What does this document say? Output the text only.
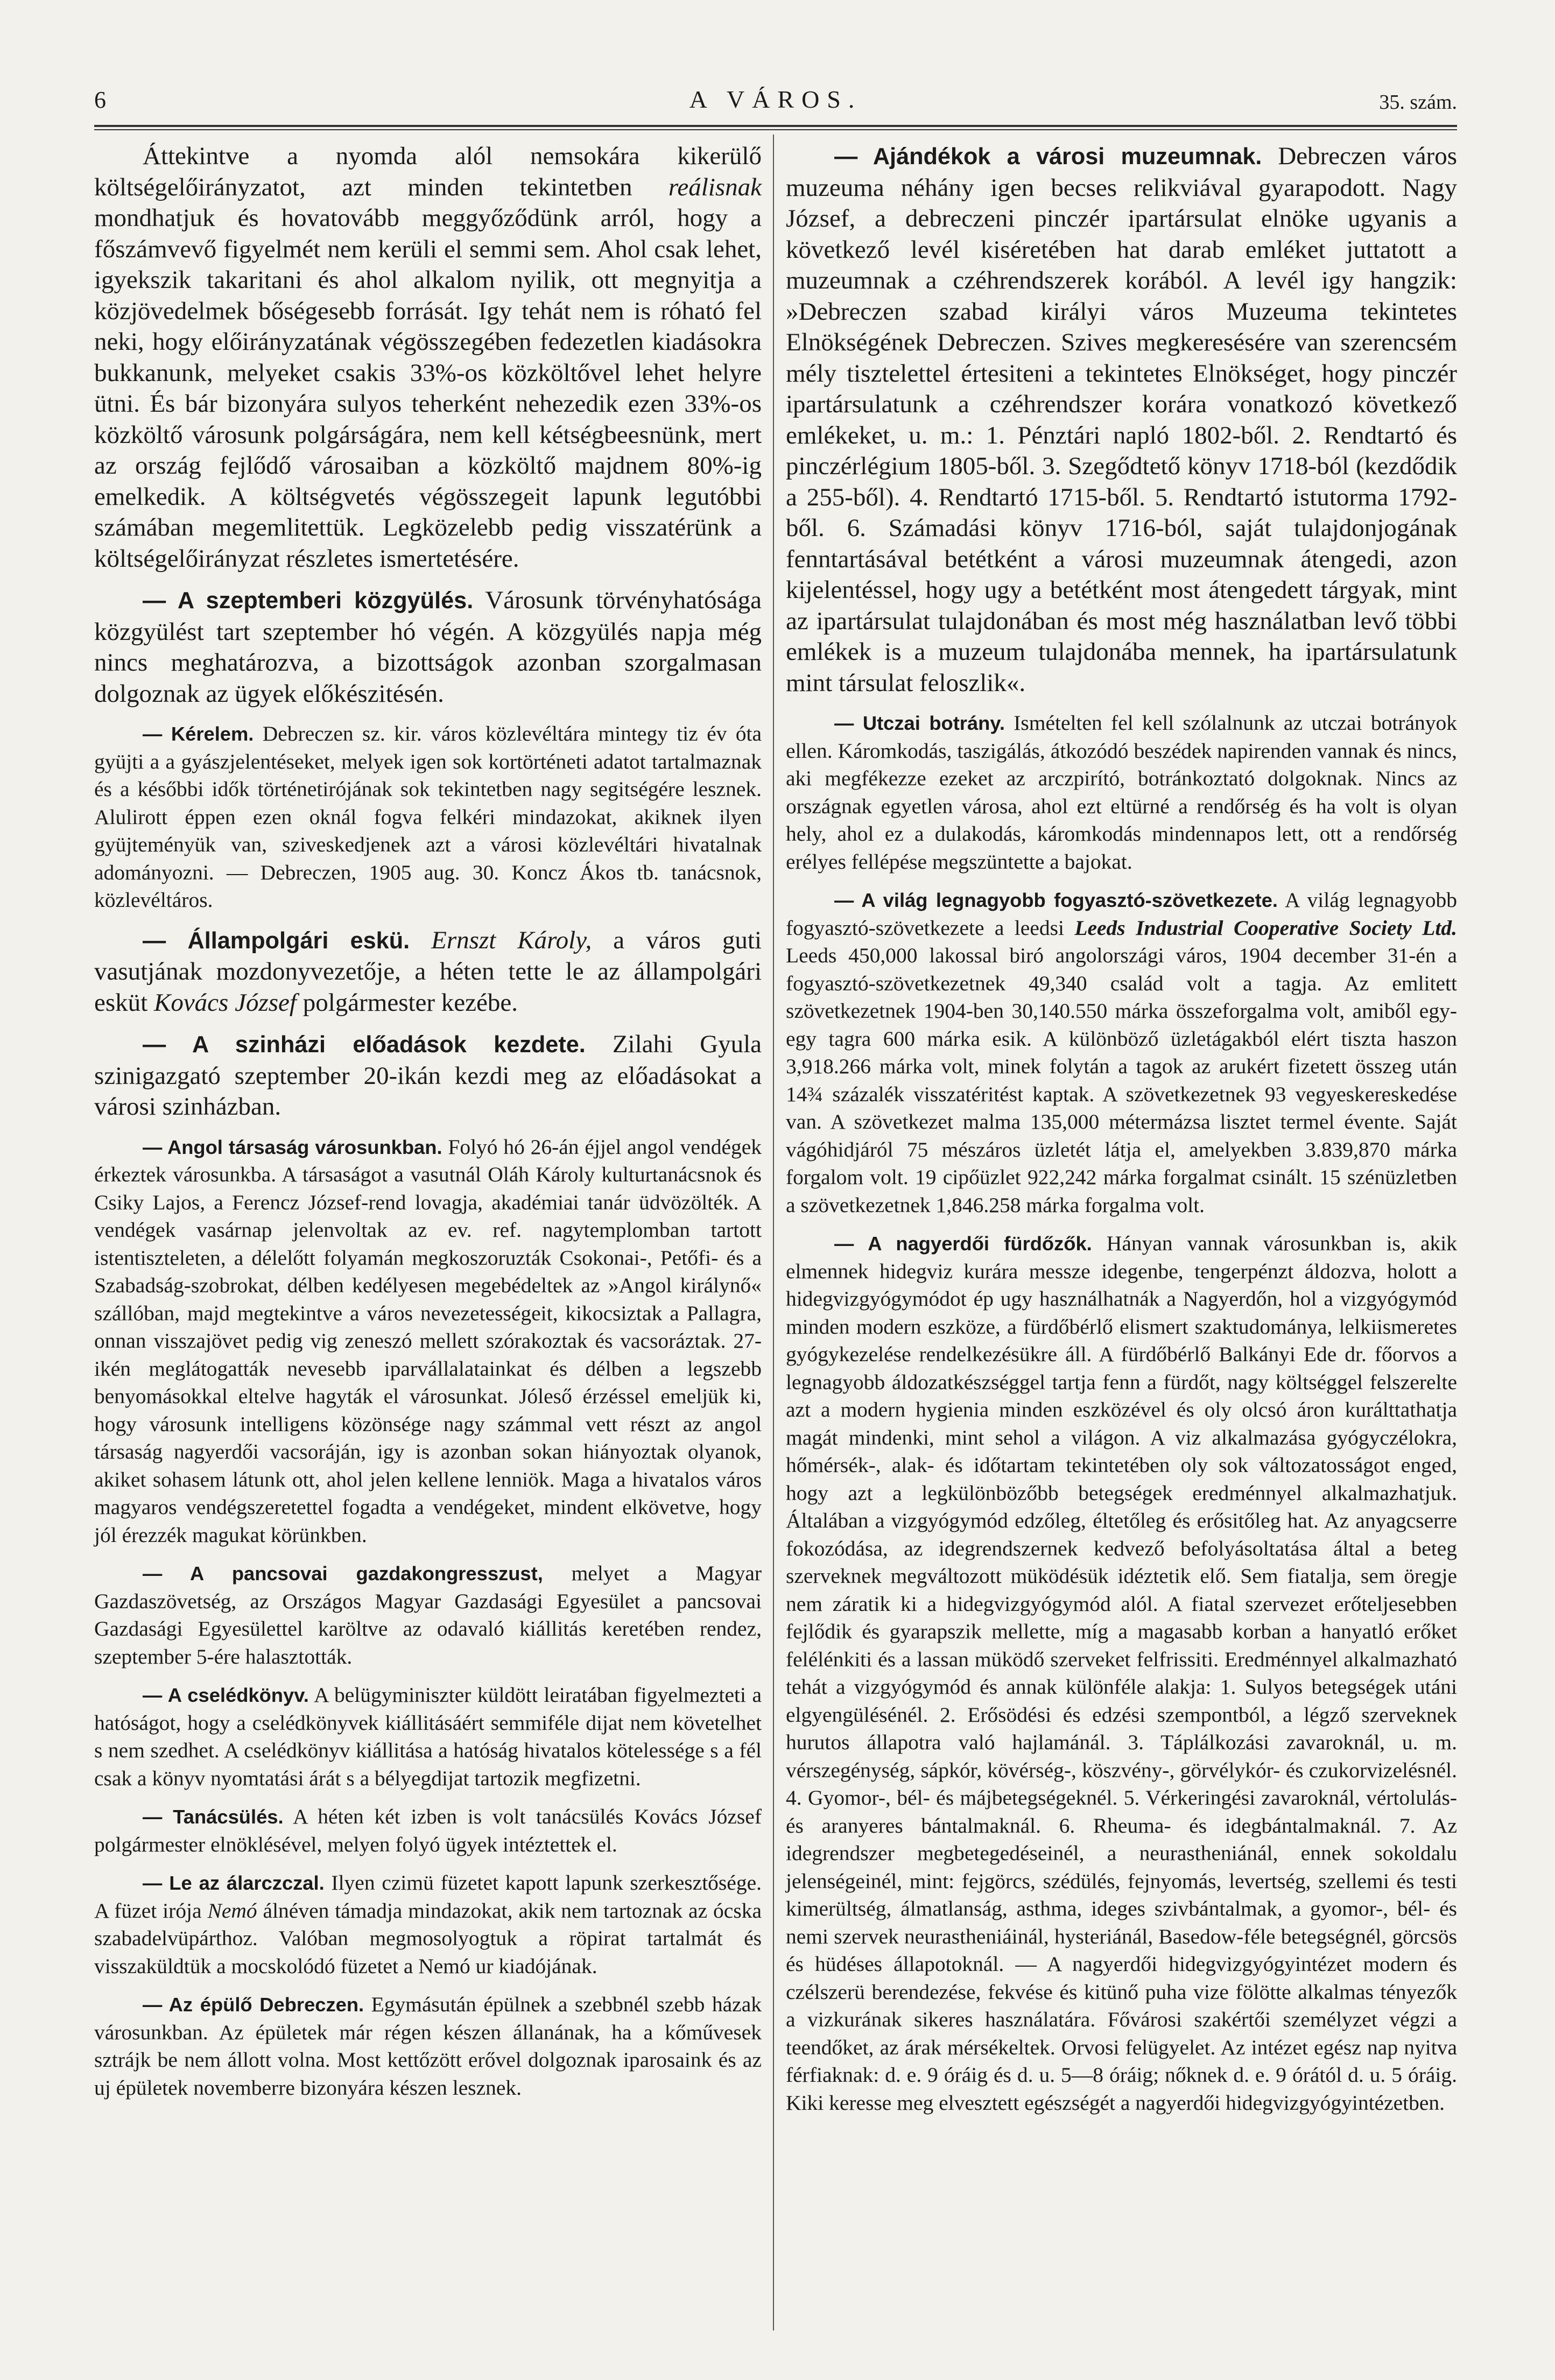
6	A VÁROS.	35. szám.

Áttekintve a nyomda alól nemsokára kikerülő költségelőirányzatot, azt minden tekintetben reálisnak mondhatjuk és hovatovább meggyőződünk arról, hogy a főszámvevő figyelmét nem kerüli el semmi sem. Ahol csak lehet, igyekszik takaritani és ahol alkalom nyilik, ott megnyitja a közjövedelmek bőségesebb forrását. Igy tehát nem is róható fel neki, hogy előirányzatának végösszegében fedezetlen kiadásokra bukkanunk, melyeket csakis 33%-os közköltővel lehet helyre ütni. És bár bizonyára sulyos teherként nehezedik ezen 33%-os közköltő városunk polgárságára, nem kell kétségbeesnünk, mert az ország fejlődő városaiban a közköltő majdnem 80%-ig emelkedik. A költségvetés végösszegeit lapunk legutóbbi számában megemlitettük. Legközelebb pedig visszatérünk a költségelőirányzat részletes ismertetésére.

— A szeptemberi közgyülés. Városunk törvényhatósága közgyülést tart szeptember hó végén. A közgyülés napja még nincs meghatározva, a bizottságok azonban szorgalmasan dolgoznak az ügyek előkészitésén.

— Kérelem. Debreczen sz. kir. város közlevéltára mintegy tiz év óta gyüjti a a gyászjelentéseket, melyek igen sok kortörténeti adatot tartalmaznak és a későbbi idők történetirójának sok tekintetben nagy segitségére lesznek. Alulirott éppen ezen oknál fogva felkéri mindazokat, akiknek ilyen gyüjteményük van, sziveskedjenek azt a városi közlevéltári hivatalnak adományozni. — Debreczen, 1905 aug. 30. Koncz Ákos tb. tanácsnok, közlevéltáros.

— Állampolgári eskü. Ernszt Károly, a város guti vasutjának mozdonyvezetője, a héten tette le az állampolgári esküt Kovács József polgármester kezébe.

— A szinházi előadások kezdete. Zilahi Gyula szinigazgató szeptember 20-ikán kezdi meg az előadásokat a városi szinházban.

— Angol társaság városunkban. Folyó hó 26-án éjjel angol vendégek érkeztek városunkba. A társaságot a vasutnál Oláh Károly kulturtanácsnok és Csiky Lajos, a Ferencz József-rend lovagja, akadémiai tanár üdvözölték. A vendégek vasárnap jelenvoltak az ev. ref. nagytemplomban tartott istentiszteleten, a délelőtt folyamán megkoszoruzták Csokonai-, Petőfi- és a Szabadság-szobrokat, délben kedélyesen megebédeltek az »Angol királynő« szállóban, majd megtekintve a város nevezetességeit, kikocsiztak a Pallagra, onnan visszajövet pedig vig zeneszó mellett szórakoztak és vacsoráztak. 27-ikén meglátogatták nevesebb iparvállalatainkat és délben a legszebb benyomásokkal eltelve hagyták el városunkat. Jóleső érzéssel emeljük ki, hogy városunk intelligens közönsége nagy számmal vett részt az angol társaság nagyerdői vacsoráján, igy is azonban sokan hiányoztak olyanok, akiket sohasem látunk ott, ahol jelen kellene lenniök. Maga a hivatalos város magyaros vendégszeretettel fogadta a vendégeket, mindent elkövetve, hogy jól érezzék magukat körünkben.

— A pancsovai gazdakongresszust, melyet a Magyar Gazdaszövetség, az Országos Magyar Gazdasági Egyesület a pancsovai Gazdasági Egyesülettel karöltve az odavaló kiállitás keretében rendez, szeptember 5-ére halasztották.

— A cselédkönyv. A belügyminiszter küldött leiratában figyelmezteti a hatóságot, hogy a cselédkönyvek kiállitásáért semmiféle dijat nem követelhet s nem szedhet. A cselédkönyv kiállitása a hatóság hivatalos kötelessége s a fél csak a könyv nyomtatási árát s a bélyegdijat tartozik megfizetni.

— Tanácsülés. A héten két izben is volt tanácsülés Kovács József polgármester elnöklésével, melyen folyó ügyek intéztettek el.

— Le az álarczczal. Ilyen czimü füzetet kapott lapunk szerkesztősége. A füzet irója Nemó álnéven támadja mindazokat, akik nem tartoznak az ócska szabadelvüpárthoz. Valóban megmosolyogtuk a röpirat tartalmát és visszaküldtük a mocskolódó füzetet a Nemó ur kiadójának.

— Az épülő Debreczen. Egymásután épülnek a szebbnél szebb házak városunkban. Az épületek már régen készen állanának, ha a kőművesek sztrájk be nem állott volna. Most kettőzött erővel dolgoznak iparosaink és az uj épületek novemberre bizonyára készen lesznek.

— Ajándékok a városi muzeumnak. Debreczen város muzeuma néhány igen becses relikviával gyarapodott. Nagy József, a debreczeni pinczér ipartársulat elnöke ugyanis a következő levél kiséretében hat darab emléket juttatott a muzeumnak a czéhrendszerek korából. A levél igy hangzik: »Debreczen szabad királyi város Muzeuma tekintetes Elnökségének Debreczen. Szives megkeresésére van szerencsém mély tisztelettel értesiteni a tekintetes Elnökséget, hogy pinczér ipartársulatunk a czéhrendszer korára vonatkozó következő emlékeket, u. m.: 1. Pénztári napló 1802-ből. 2. Rendtartó és pinczérlégium 1805-ből. 3. Szegődtető könyv 1718-ból (kezdődik a 255-ből). 4. Rendtartó 1715-ből. 5. Rendtartó istutorma 1792-ből. 6. Számadási könyv 1716-ból, saját tulajdonjogának fenntartásával betétként a városi muzeumnak átengedi, azon kijelentéssel, hogy ugy a betétként most átengedett tárgyak, mint az ipartársulat tulajdonában és most még használatban levő többi emlékek is a muzeum tulajdonába mennek, ha ipartársulatunk mint társulat feloszlik«.

— Utczai botrány. Ismételten fel kell szólalnunk az utczai botrányok ellen. Káromkodás, taszigálás, átkozódó beszédek napirenden vannak és nincs, aki megfékezze ezeket az arczpirító, botránkoztató dolgoknak. Nincs az országnak egyetlen városa, ahol ezt eltürné a rendőrség és ha volt is olyan hely, ahol ez a dulakodás, káromkodás mindennapos lett, ott a rendőrség erélyes fellépése megszüntette a bajokat.

— A világ legnagyobb fogyasztó-szövetkezete. A világ legnagyobb fogyasztó-szövetkezete a leedsi Leeds Industrial Cooperative Society Ltd. Leeds 450,000 lakossal biró angolországi város, 1904 december 31-én a fogyasztó-szövetkezetnek 49,340 család volt a tagja. Az emlitett szövetkezetnek 1904-ben 30,140.550 márka összeforgalma volt, amiből egy-egy tagra 600 márka esik. A különböző üzletágakból elért tiszta haszon 3,918.266 márka volt, minek folytán a tagok az arukért fizetett összeg után 14¾ százalék visszatéritést kaptak. A szövetkezetnek 93 vegyeskereskedése van. A szövetkezet malma 135,000 métermázsa lisztet termel évente. Saját vágóhidjáról 75 mészáros üzletét látja el, amelyekben 3.839,870 márka forgalom volt. 19 cipőüzlet 922,242 márka forgalmat csinált. 15 szénüzletben a szövetkezetnek 1,846.258 márka forgalma volt.

— A nagyerdői fürdőzők. Hányan vannak városunkban is, akik elmennek hidegviz kurára messze idegenbe, tengerpénzt áldozva, holott a hidegvizgyógymódot ép ugy használhatnák a Nagyerdőn, hol a vizgyógymód minden modern eszköze, a fürdőbérlő elismert szaktudománya, lelkiismeretes gyógykezelése rendelkezésükre áll. A fürdőbérlő Balkányi Ede dr. főorvos a legnagyobb áldozatkészséggel tartja fenn a fürdőt, nagy költséggel felszerelte azt a modern hygienia minden eszközével és oly olcsó áron kurálttathatja magát mindenki, mint sehol a világon. A viz alkalmazása gyógyczélokra, hőmérsék-, alak- és időtartam tekintetében oly sok változatosságot enged, hogy azt a legkülönbözőbb betegségek eredménnyel alkalmazhatjuk. Általában a vizgyógymód edzőleg, éltetőleg és erősitőleg hat. Az anyagcserre fokozódása, az idegrendszernek kedvező befolyásoltatása által a beteg szerveknek megváltozott müködésük idéztetik elő. Sem fiatalja, sem öregje nem záratik ki a hidegvizgyógymód alól. A fiatal szervezet erőteljesebben fejlődik és gyarapszik mellette, míg a magasabb korban a hanyatló erőket felélénkiti és a lassan müködő szerveket felfrissiti. Eredménnyel alkalmazható tehát a vizgyógymód és annak különféle alakja: 1. Sulyos betegségek utáni elgyengülésénél. 2. Erősödési és edzési szempontból, a légző szerveknek hurutos állapotra való hajlamánál. 3. Táplálkozási zavaroknál, u. m. vérszegénység, sápkór, kövérség-, köszvény-, görvélykór- és czukorvizelésnél. 4. Gyomor-, bél- és májbetegségeknél. 5. Vérkeringési zavaroknál, vértolulás- és aranyeres bántalmaknál. 6. Rheuma- és idegbántalmaknál. 7. Az idegrendszer megbetegedéseinél, a neurastheniánál, ennek sokoldalu jelenségeinél, mint: fejgörcs, szédülés, fejnyomás, levertség, szellemi és testi kimerültség, álmatlanság, asthma, ideges szivbántalmak, a gyomor-, bél- és nemi szervek neurastheniáinál, hysteriánál, Basedow-féle betegségnél, görcsös és hüdéses állapotoknál. — A nagyerdői hidegvizgyógyintézet modern és czélszerü berendezése, fekvése és kitünő puha vize fölötte alkalmas tényezők a vizkurának sikeres használatára. Fővárosi szakértői személyzet végzi a teendőket, az árak mérsékeltek. Orvosi felügyelet. Az intézet egész nap nyitva férfiaknak: d. e. 9 óráig és d. u. 5—8 óráig; nőknek d. e. 9 órától d. u. 5 óráig. Kiki keresse meg elvesztett egészségét a nagyerdői hidegvizgyógyintézetben.
